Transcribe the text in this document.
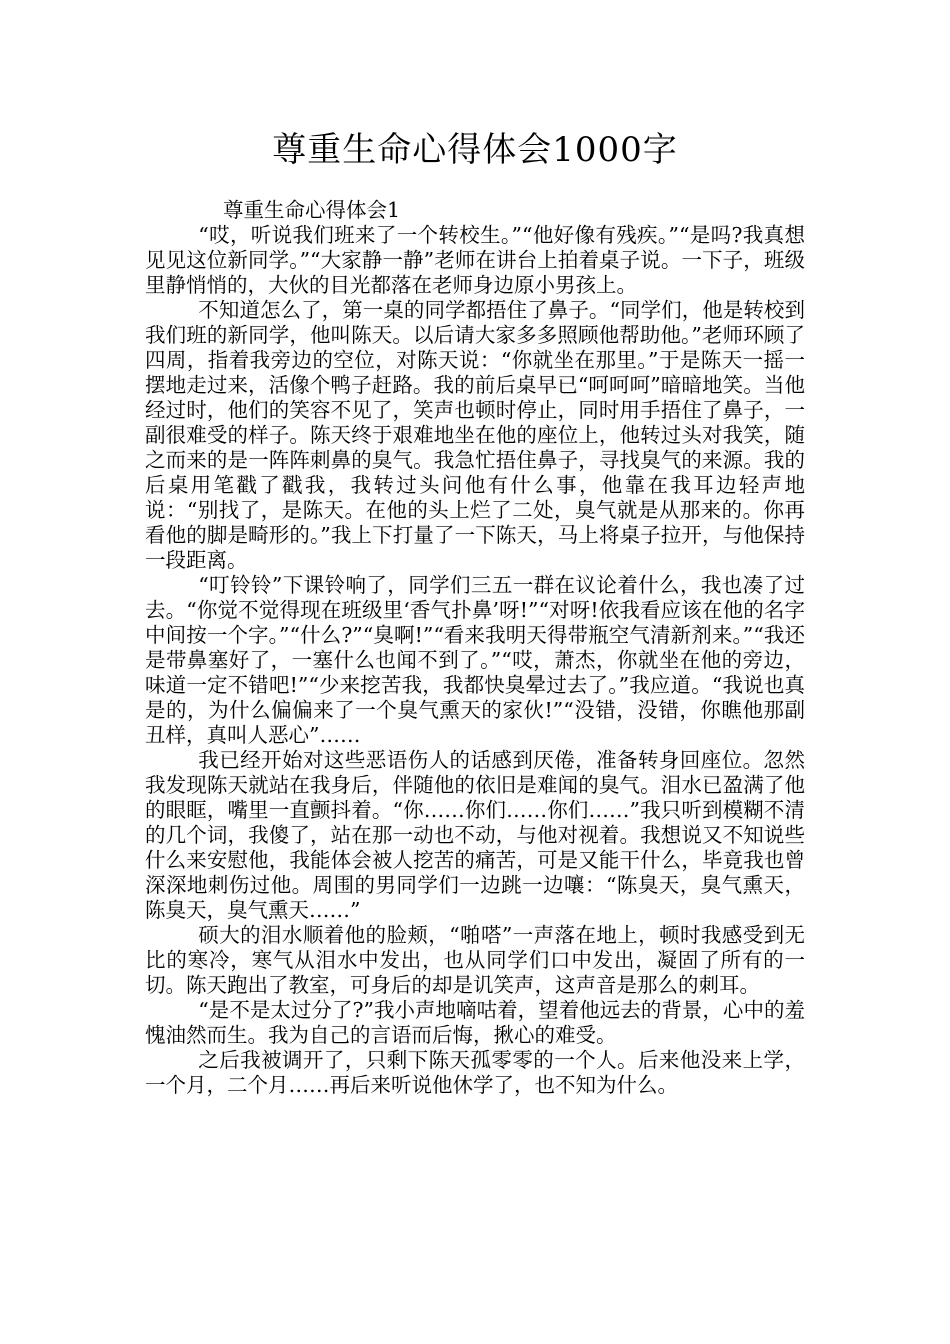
尊重生命心得体会1000字

尊重生命心得体会1

“哎，听说我们班来了一个转校生。”“他好像有残疾。”“是吗?我真想见见这位新同学。”“大家静一静”老师在讲台上拍着桌子说。一下子，班级里静悄悄的，大伙的目光都落在老师身边原小男孩上。

不知道怎么了，第一桌的同学都捂住了鼻子。“同学们，他是转校到我们班的新同学，他叫陈天。以后请大家多多照顾他帮助他。”老师环顾了四周，指着我旁边的空位，对陈天说：“你就坐在那里。”于是陈天一摇一摆地走过来，活像个鸭子赶路。我的前后桌早已“呵呵呵”暗暗地笑。当他经过时，他们的笑容不见了，笑声也顿时停止，同时用手捂住了鼻子，一副很难受的样子。陈天终于艰难地坐在他的座位上，他转过头对我笑，随之而来的是一阵阵刺鼻的臭气。我急忙捂住鼻子，寻找臭气的来源。我的后桌用笔戳了戳我，我转过头问他有什么事，他靠在我耳边轻声地说：“别找了，是陈天。在他的头上烂了二处，臭气就是从那来的。你再看他的脚是畸形的。”我上下打量了一下陈天，马上将桌子拉开，与他保持一段距离。

“叮铃铃”下课铃响了，同学们三五一群在议论着什么，我也凑了过去。“你觉不觉得现在班级里‘香气扑鼻’呀!”“对呀!依我看应该在他的名字中间按一个字。”“什么?”“臭啊!”“看来我明天得带瓶空气清新剂来。”“我还是带鼻塞好了，一塞什么也闻不到了。”“哎，萧杰，你就坐在他的旁边，味道一定不错吧!”“少来挖苦我，我都快臭晕过去了。”我应道。“我说也真是的，为什么偏偏来了一个臭气熏天的家伙!”“没错，没错，你瞧他那副丑样，真叫人恶心”……

我已经开始对这些恶语伤人的话感到厌倦，准备转身回座位。忽然我发现陈天就站在我身后，伴随他的依旧是难闻的臭气。泪水已盈满了他的眼眶，嘴里一直颤抖着。“你……你们……你们……”我只听到模糊不清的几个词，我傻了，站在那一动也不动，与他对视着。我想说又不知说些什么来安慰他，我能体会被人挖苦的痛苦，可是又能干什么，毕竟我也曾深深地刺伤过他。周围的男同学们一边跳一边嚷：“陈臭天，臭气熏天，陈臭天，臭气熏天……”

硕大的泪水顺着他的脸颊，“啪嗒”一声落在地上，顿时我感受到无比的寒冷，寒气从泪水中发出，也从同学们口中发出，凝固了所有的一切。陈天跑出了教室，可身后的却是讥笑声，这声音是那么的刺耳。

“是不是太过分了?”我小声地嘀咕着，望着他远去的背景，心中的羞愧油然而生。我为自己的言语而后悔，揪心的难受。

之后我被调开了，只剩下陈天孤零零的一个人。后来他没来上学，一个月，二个月……再后来听说他休学了，也不知为什么。
